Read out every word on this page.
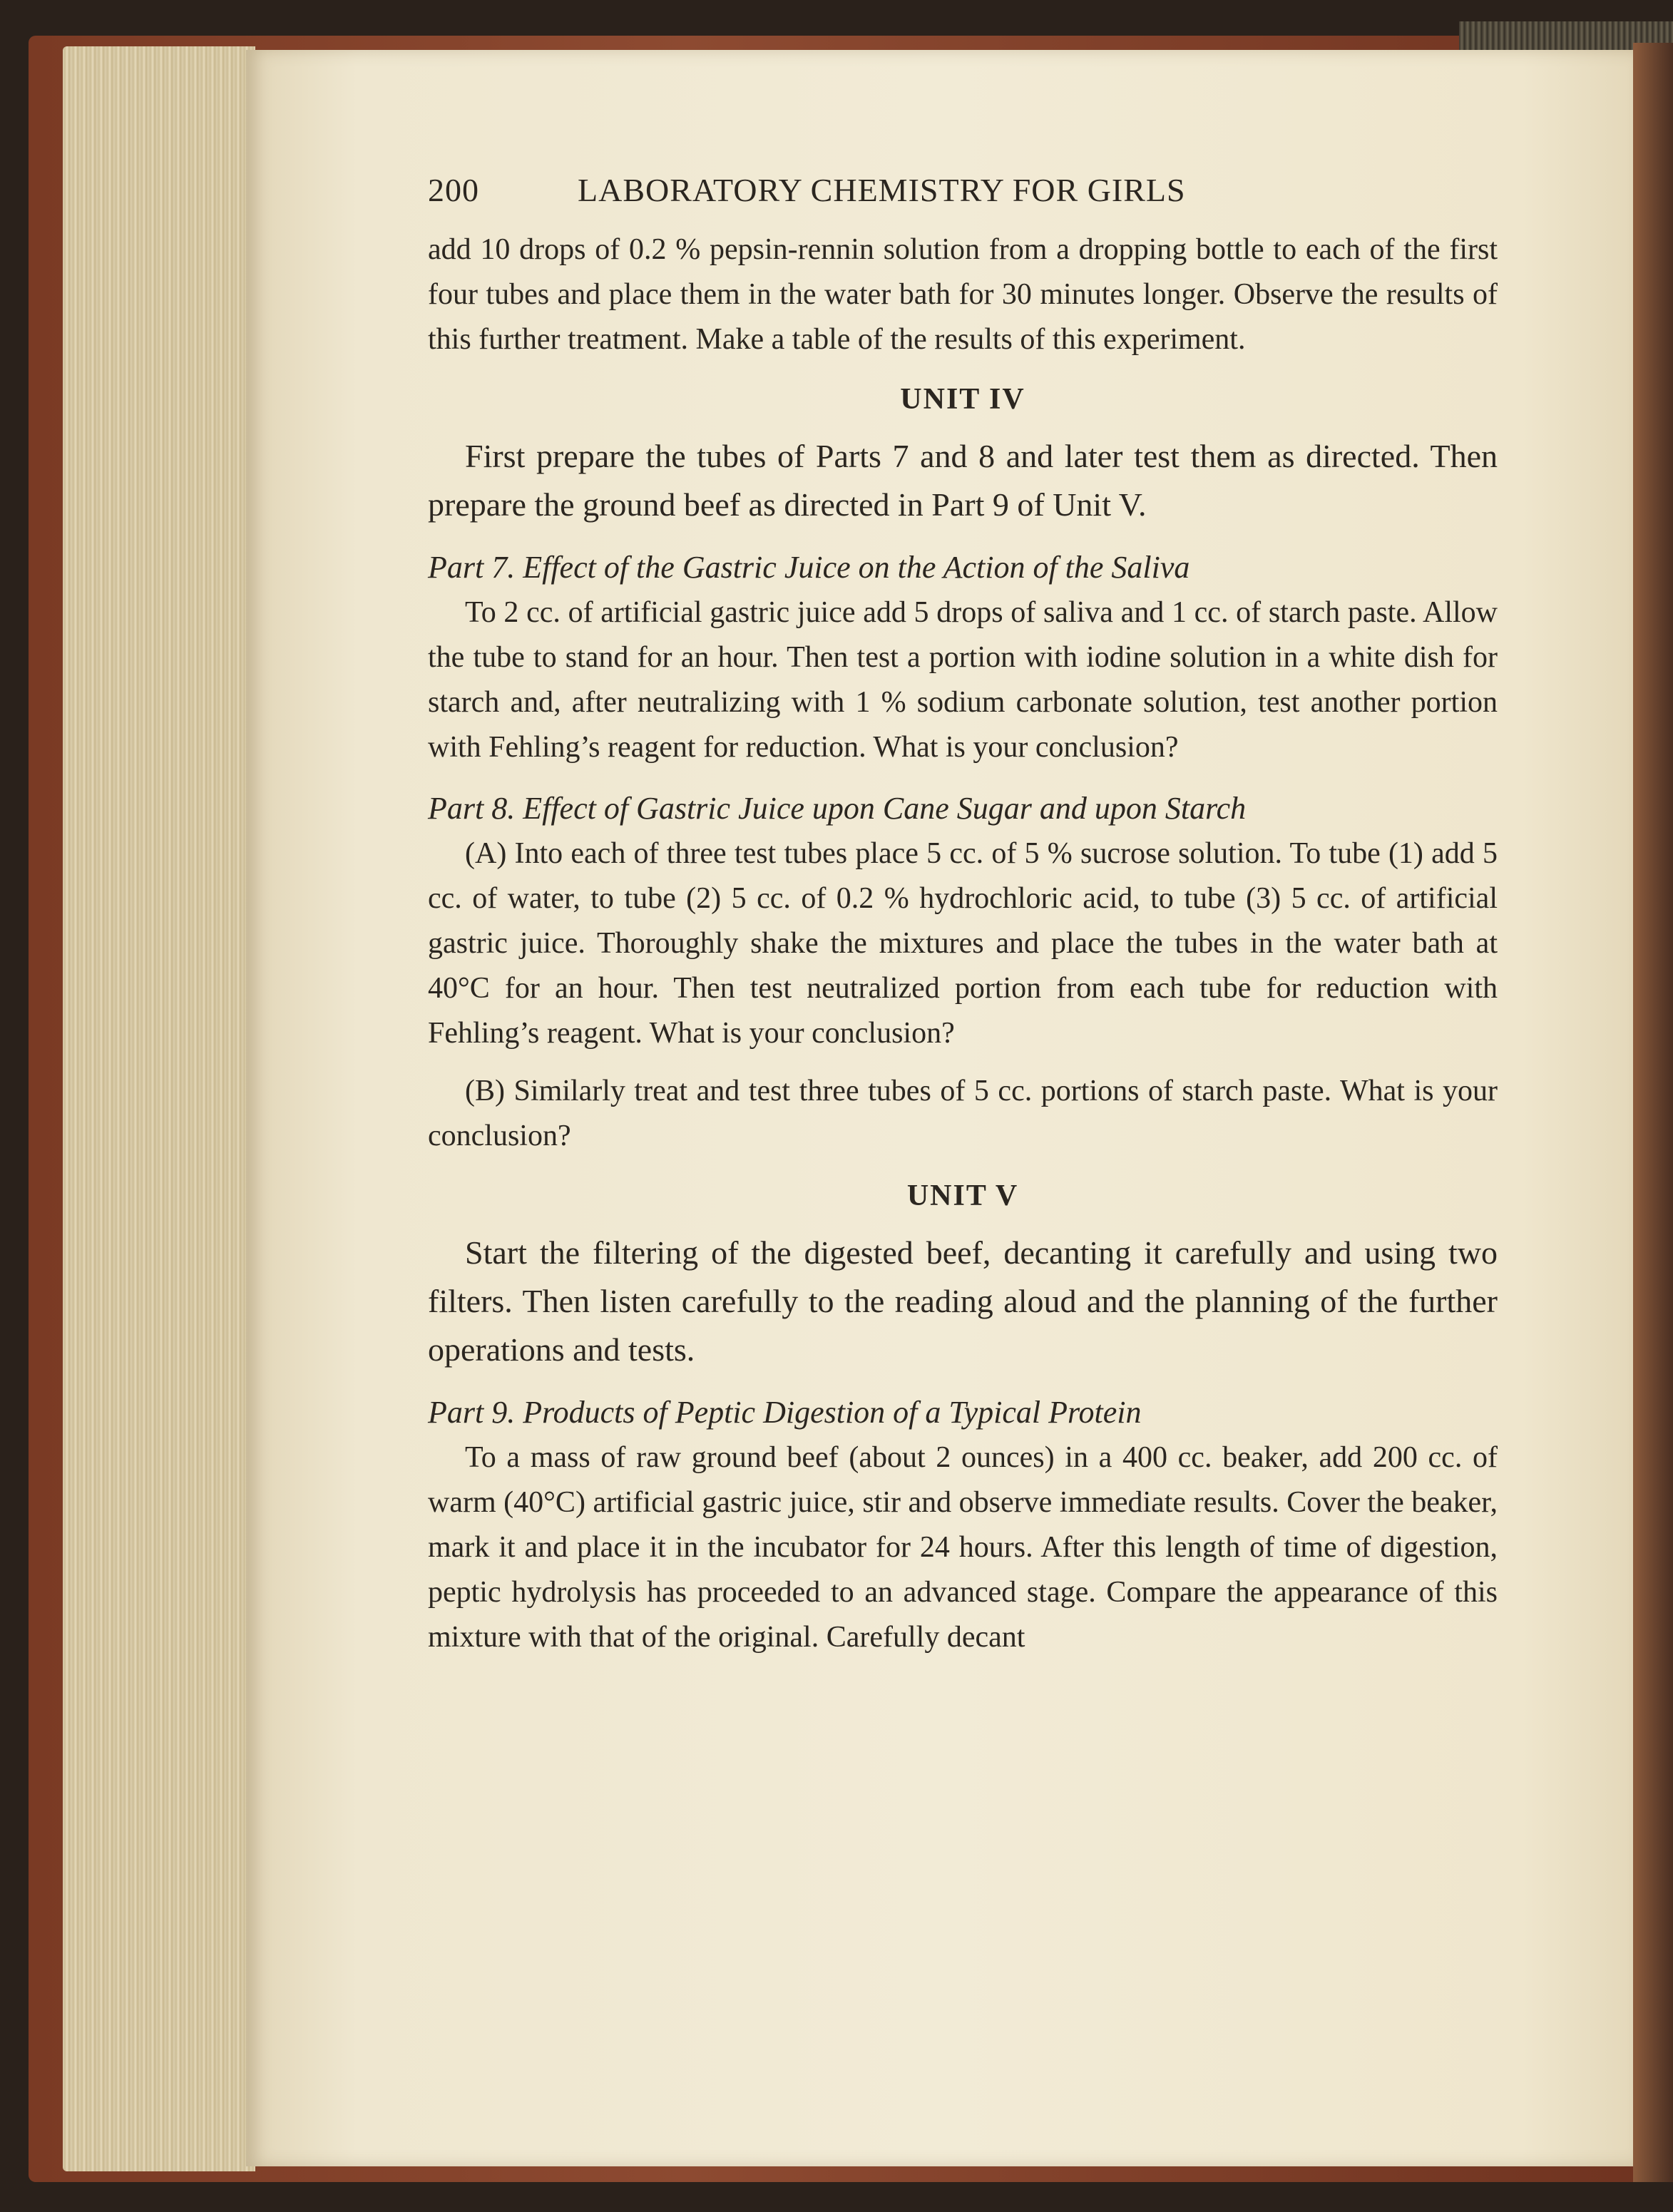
200	LABORATORY CHEMISTRY FOR GIRLS

add 10 drops of 0.2 % pepsin-rennin solution from a dropping bottle to each of the first four tubes and place them in the water bath for 30 minutes longer. Observe the results of this further treatment. Make a table of the results of this experiment.

UNIT IV

First prepare the tubes of Parts 7 and 8 and later test them as directed. Then prepare the ground beef as directed in Part 9 of Unit V.

Part 7. Effect of the Gastric Juice on the Action of the Saliva

To 2 cc. of artificial gastric juice add 5 drops of saliva and 1 cc. of starch paste. Allow the tube to stand for an hour. Then test a portion with iodine solution in a white dish for starch and, after neutralizing with 1 % sodium carbonate solution, test another portion with Fehling’s reagent for reduction. What is your conclusion?

Part 8. Effect of Gastric Juice upon Cane Sugar and upon Starch

(A) Into each of three test tubes place 5 cc. of 5 % sucrose solution. To tube (1) add 5 cc. of water, to tube (2) 5 cc. of 0.2 % hydrochloric acid, to tube (3) 5 cc. of artificial gastric juice. Thoroughly shake the mixtures and place the tubes in the water bath at 40°C for an hour. Then test neutralized portion from each tube for reduction with Fehling’s reagent. What is your conclusion?

(B) Similarly treat and test three tubes of 5 cc. portions of starch paste. What is your conclusion?

UNIT V

Start the filtering of the digested beef, decanting it carefully and using two filters. Then listen carefully to the reading aloud and the planning of the further operations and tests.

Part 9. Products of Peptic Digestion of a Typical Protein

To a mass of raw ground beef (about 2 ounces) in a 400 cc. beaker, add 200 cc. of warm (40°C) artificial gastric juice, stir and observe immediate results. Cover the beaker, mark it and place it in the incubator for 24 hours. After this length of time of digestion, peptic hydrolysis has proceeded to an advanced stage. Compare the appearance of this mixture with that of the original. Carefully decant
